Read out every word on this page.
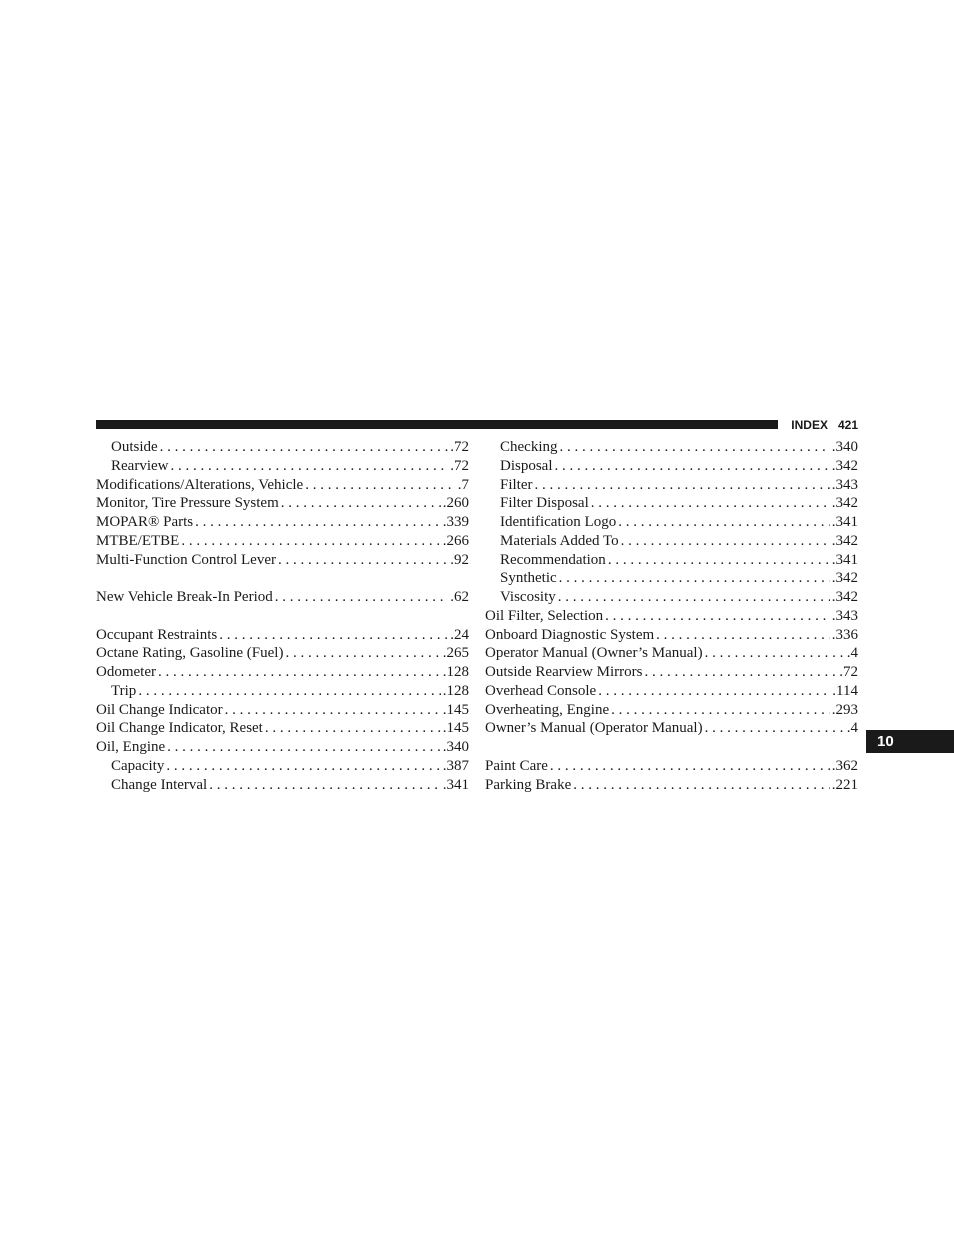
INDEX 421
Outside . . .	.72
Rearview . . .	.72
Modifications/Alterations, Vehicle . . .	.7
Monitor, Tire Pressure System . . .	.260
MOPAR® Parts . . .	.339
MTBE/ETBE . . .	.266
Multi-Function Control Lever . . .	.92
New Vehicle Break-In Period . . .	.62
Occupant Restraints . . .	.24
Octane Rating, Gasoline (Fuel) . . .	.265
Odometer . . .	.128
Trip . . .	.128
Oil Change Indicator . . .	.145
Oil Change Indicator, Reset . . .	.145
Oil, Engine . . .	.340
Capacity . . .	.387
Change Interval . . .	.341
Checking . . .	.340
Disposal . . .	.342
Filter . . .	.343
Filter Disposal . . .	.342
Identification Logo . . .	.341
Materials Added To . . .	.342
Recommendation . . .	.341
Synthetic . . .	.342
Viscosity . . .	.342
Oil Filter, Selection . . .	.343
Onboard Diagnostic System . . .	.336
Operator Manual (Owner’s Manual) . . .	.4
Outside Rearview Mirrors . . .	.72
Overhead Console . . .	.114
Overheating, Engine . . .	.293
Owner’s Manual (Operator Manual) . . .	.4
Paint Care . . .	.362
Parking Brake . . .	.221
10
